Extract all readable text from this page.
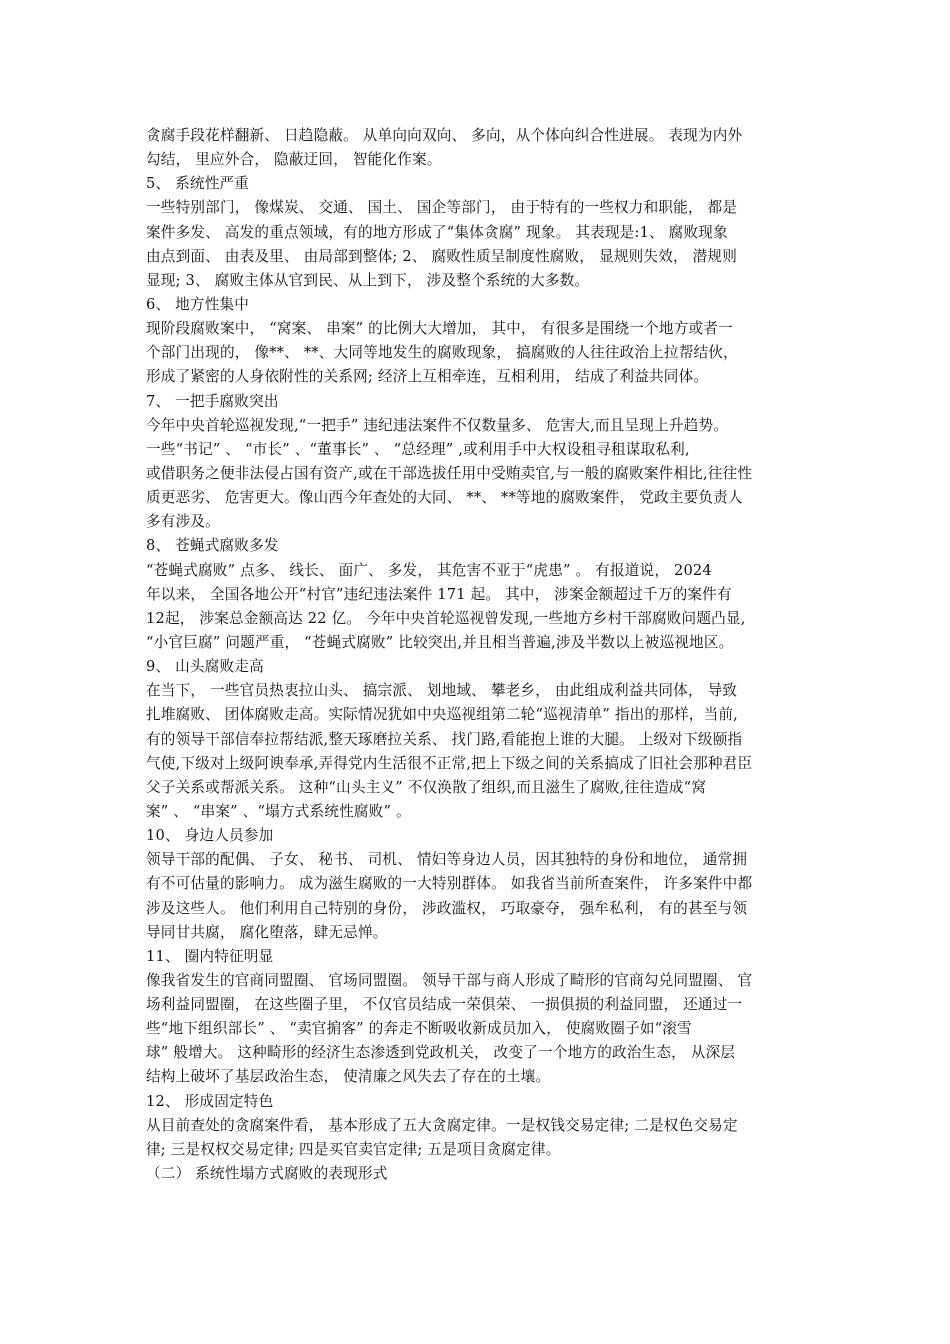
贪腐手段花样翻新、 日趋隐蔽。 从单向向双向、 多向，从个体向纠合性进展。 表现为内外
勾结， 里应外合， 隐蔽迂回， 智能化作案。
5、 系统性严重
一些特别部门， 像煤炭、 交通、 国土、 国企等部门， 由于特有的一些权力和职能， 都是
案件多发、 高发的重点领域，有的地方形成了“集体贪腐” 现象。 其表现是:1、 腐败现象
由点到面、 由表及里、 由局部到整体; 2、 腐败性质呈制度性腐败， 显规则失效， 潜规则
显现; 3、 腐败主体从官到民、从上到下， 涉及整个系统的大多数。
6、 地方性集中
现阶段腐败案中， “窝案、 串案” 的比例大大增加， 其中， 有很多是围绕一个地方或者一
个部门出现的， 像**、 **、大同等地发生的腐败现象， 搞腐败的人往往政治上拉帮结伙，
形成了紧密的人身依附性的关系网; 经济上互相牵连，互相利用， 结成了利益共同体。
7、 一把手腐败突出
今年中央首轮巡视发现,“一把手” 违纪违法案件不仅数量多、 危害大,而且呈现上升趋势。
一些“书记” 、 “市长” 、“董事长” 、 “总经理” ,或利用手中大权设租寻租谋取私利,
或借职务之便非法侵占国有资产,或在干部选拔任用中受贿卖官,与一般的腐败案件相比,往往性
质更恶劣、 危害更大。像山西今年查处的大同、 **、 **等地的腐败案件， 党政主要负责人
多有涉及。
8、 苍蝇式腐败多发
“苍蝇式腐败” 点多、 线长、 面广、 多发， 其危害不亚于“虎患” 。 有报道说， 2024
年以来， 全国各地公开“村官”违纪违法案件 171 起。 其中， 涉案金额超过千万的案件有
12起， 涉案总金额高达 22 亿。 今年中央首轮巡视曾发现,一些地方乡村干部腐败问题凸显,
“小官巨腐” 问题严重， “苍蝇式腐败” 比较突出,并且相当普遍,涉及半数以上被巡视地区。
9、 山头腐败走高
在当下， 一些官员热衷拉山头、 搞宗派、 划地域、 攀老乡， 由此组成利益共同体， 导致
扎堆腐败、 团体腐败走高。实际情况犹如中央巡视组第二轮“巡视清单” 指出的那样，当前,
有的领导干部信奉拉帮结派,整天琢磨拉关系、 找门路,看能抱上谁的大腿。 上级对下级颐指
气使,下级对上级阿谀奉承,弄得党内生活很不正常,把上下级之间的关系搞成了旧社会那种君臣
父子关系或帮派关系。 这种“山头主义” 不仅涣散了组织,而且滋生了腐败,往往造成“窝
案” 、 “串案” 、“塌方式系统性腐败” 。
10、 身边人员参加
领导干部的配偶、 子女、 秘书、 司机、 情妇等身边人员，因其独特的身份和地位， 通常拥
有不可估量的影响力。 成为滋生腐败的一大特别群体。 如我省当前所查案件， 许多案件中都
涉及这些人。 他们利用自己特别的身份， 涉政滥权， 巧取豪夺， 强牟私利， 有的甚至与领
导同甘共腐， 腐化堕落，肆无忌惮。
11、 圈内特征明显
像我省发生的官商同盟圈、 官场同盟圈。 领导干部与商人形成了畸形的官商勾兑同盟圈、 官
场利益同盟圈， 在这些圈子里， 不仅官员结成一荣俱荣、 一损俱损的利益同盟， 还通过一
些“地下组织部长” 、 “卖官掮客” 的奔走不断吸收新成员加入， 使腐败圈子如“滚雪
球” 般增大。 这种畸形的经济生态渗透到党政机关， 改变了一个地方的政治生态， 从深层
结构上破坏了基层政治生态， 使清廉之风失去了存在的土壤。
12、 形成固定特色
从目前查处的贪腐案件看， 基本形成了五大贪腐定律。一是权钱交易定律; 二是权色交易定
律; 三是权权交易定律; 四是买官卖官定律; 五是项目贪腐定律。
（二） 系统性塌方式腐败的表现形式
